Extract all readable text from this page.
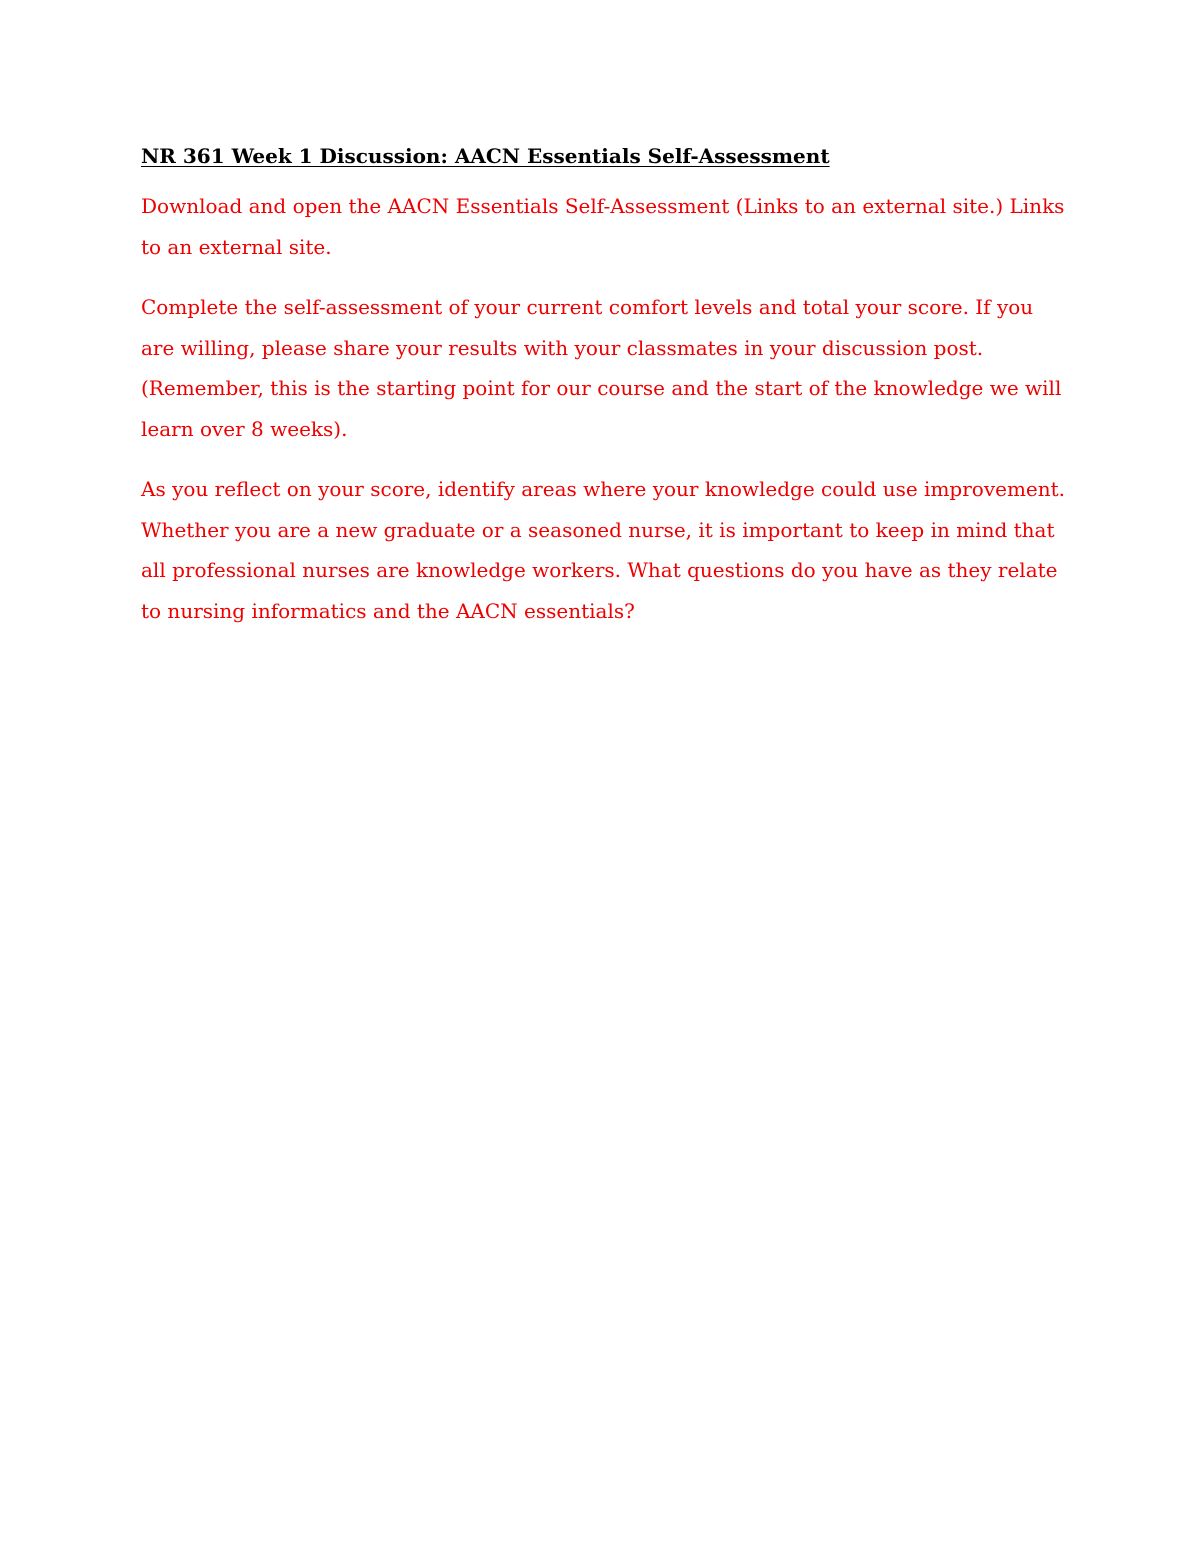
NR 361 Week 1 Discussion: AACN Essentials Self-Assessment

Download and open the AACN Essentials Self-Assessment (Links to an external site.) Links to an external site.

Complete the self-assessment of your current comfort levels and total your score. If you are willing, please share your results with your classmates in your discussion post. (Remember, this is the starting point for our course and the start of the knowledge we will learn over 8 weeks).

As you reflect on your score, identify areas where your knowledge could use improvement. Whether you are a new graduate or a seasoned nurse, it is important to keep in mind that all professional nurses are knowledge workers. What questions do you have as they relate to nursing informatics and the AACN essentials?
